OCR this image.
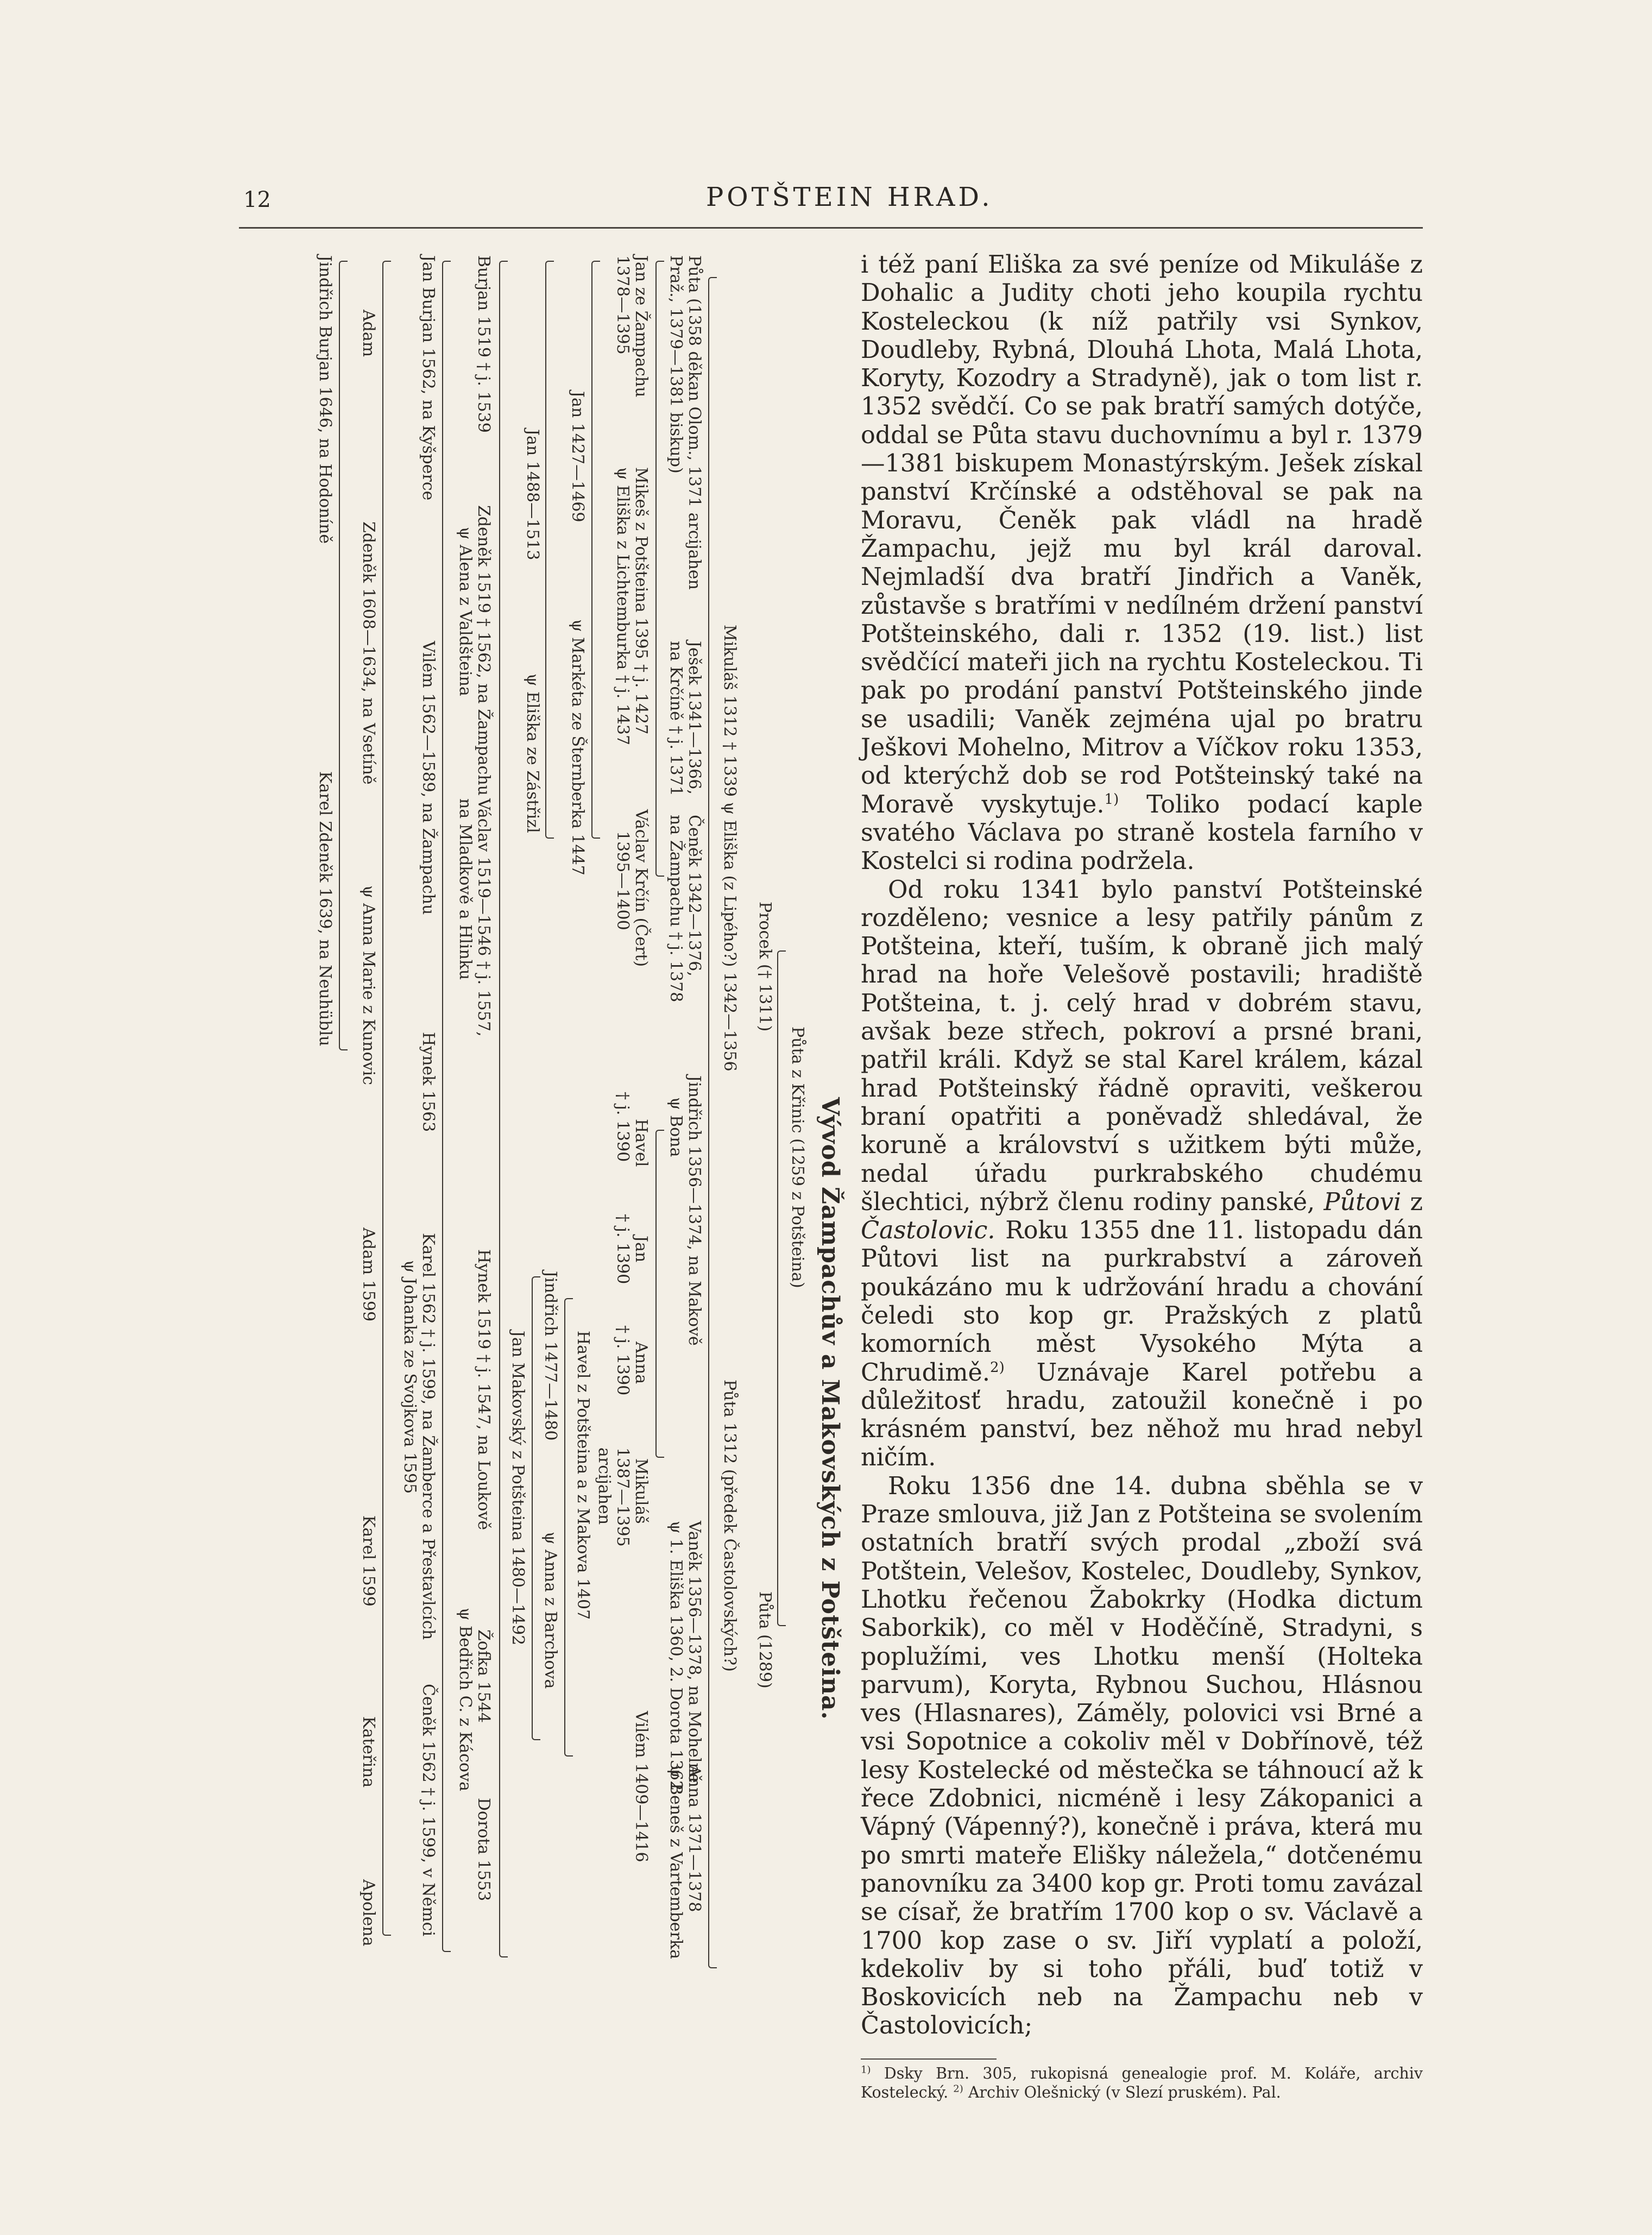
12	POTŠTEIN HRAD.
Vývod Žampachův a Makovských z Potšteina.
Půta z Křinic (1259 z Potšteina)
Procek († 1311)
Půta (1289)
Mikuláš 1312 † 1339 ψ Eliška (z Lipého?) 1342—1356
Půta 1312 (předek Častolovských?)
Půta (1358 děkan Olom., 1371 arcijahen
Praž., 1379—1381 biskup)
Ješek 1341—1366,
na Krčíně † j. 1371
Čeněk 1342—1376,
na Žampachu † j. 1378
Jindřich 1356—1374, na Makově
ψ Bona
Vaněk 1356—1378, na Mohelně
ψ 1. Eliška 1360, 2. Dorota 1362
Anna 1371—1378
ψ Beneš z Vartemberka
Jan ze Žampachu
1378—1395
Mikeš z Potšteina 1395 † j. 1427
ψ Eliška z Lichtemburka † j. 1437
Václav Krčín (Čert)
1395—1400
Havel
† j. 1390
Jan
† j. 1390
Anna
† j. 1390
Mikuláš
1387—1395
arcijahen
Vilém 1409—1416
Havel z Potšteina a z Makova 1407
Jindřich 1477—1480
ψ Anna z Barchova
Jan Makovský z Potšteina 1480—1492
Jan 1427—1469
ψ Markéta ze Šternberka 1447
Jan 1488—1513
ψ Eliška ze Zástřizl
Burjan 1519 † j. 1539
Zdeněk 1519 † 1562, na Žampachu
ψ Alena z Valdšteina
Václav 1519—1546 † j. 1557,
na Mladkově a Hlinku
Hynek 1519 † j. 1547, na Loukově
Žofka 1544
ψ Bedřich C. z Kácova
Dorota 1553
Jan Burjan 1562, na Kyšperce
Vilém 1562—1589, na Žampachu
Hynek 1563
Karel 1562 † j. 1599, na Žamberce a Přestavlcích
ψ Johanka ze Svojkova 1595
Čeněk 1562 † j. 1599, v Němci
Adam
Zdeněk 1608—1634, na Vsetíně
ψ Anna Marie z Kunovic
Adam 1599
Karel 1599
Kateřina
Apolena
Jindřich Burjan 1646, na Hodoníně
Karel Zdeněk 1639, na Neuhüblu

i též paní Eliška za své peníze od Mikuláše z Dohalic a Judity choti jeho koupila rychtu Kosteleckou (k níž patřily vsi Synkov, Doudleby, Rybná, Dlouhá Lhota, Malá Lhota, Koryty, Kozodry a Stradyně), jak o tom list r. 1352 svědčí. Co se pak bratří samých dotýče, oddal se Půta stavu duchovnímu a byl r. 1379—1381 biskupem Monastýrským. Ješek získal panství Krčínské a odstěhoval se pak na Moravu, Čeněk pak vládl na hradě Žampachu, jejž mu byl král daroval. Nejmladší dva bratří Jindřich a Vaněk, zůstavše s bratřími v nedílném držení panství Potšteinského, dali r. 1352 (19. list.) list svědčící mateři jich na rychtu Kosteleckou. Ti pak po prodání panství Potšteinského jinde se usadili; Vaněk zejména ujal po bratru Ješkovi Mohelno, Mitrov a Víčkov roku 1353, od kterýchž dob se rod Potšteinský také na Moravě vyskytuje.$^{1)}$ Toliko podací kaple svatého Václava po straně kostela farního v Kostelci si rodina podržela.

Od roku 1341 bylo panství Potšteinské rozděleno; vesnice a lesy patřily pánům z Potšteina, kteří, tuším, k obraně jich malý hrad na hoře Velešově postavili; hradiště Potšteina, t. j. celý hrad v dobrém stavu, avšak beze střech, pokroví a prsné brani, patřil králi. Když se stal Karel králem, kázal hrad Potšteinský řádně opraviti, veškerou braní opatřiti a poněvadž shledával, že koruně a království s užitkem býti může, nedal úřadu purkrabského chudému šlechtici, nýbrž členu rodiny panské, Půtovi z Častolovic. Roku 1355 dne 11. listopadu dán Půtovi list na purkrabství a zároveň poukázáno mu k udržování hradu a chování čeledi sto kop gr. Pražských z platů komorních měst Vysokého Mýta a Chrudimě.$^{2)}$ Uznávaje Karel potřebu a důležitosť hradu, zatoužil konečně i po krásném panství, bez něhož mu hrad nebyl ničím.

Roku 1356 dne 14. dubna sběhla se v Praze smlouva, již Jan z Potšteina se svolením ostatních bratří svých prodal „zboží svá Potštein, Velešov, Kostelec, Doudleby, Synkov, Lhotku řečenou Žabokrky (Hodka dictum Saborkik), co měl v Hoděčíně, Stradyni, s poplužími, ves Lhotku menší (Holteka parvum), Koryta, Rybnou Suchou, Hlásnou ves (Hlasnares), Záměly, polovici vsi Brné a vsi Sopotnice a cokoliv měl v Dobřínově, též lesy Kostelecké od městečka se táhnoucí až k řece Zdobnici, nicméně i lesy Zákopanici a Vápný (Vápenný?), konečně i práva, která mu po smrti mateře Elišky náležela,“ dotčenému panovníku za 3400 kop gr. Proti tomu zavázal se císař, že bratřím 1700 kop o sv. Václavě a 1700 kop zase o sv. Jiří vyplatí a položí, kdekoliv by si toho přáli, buď totiž v Boskovicích neb na Žampachu neb v Častolovicích;

$^{1)}$ Dsky Brn. 305, rukopisná genealogie prof. M. Koláře, archiv Kostelecký. $^{2)}$ Archiv Olešnický (v Slezí pruském). Pal.
